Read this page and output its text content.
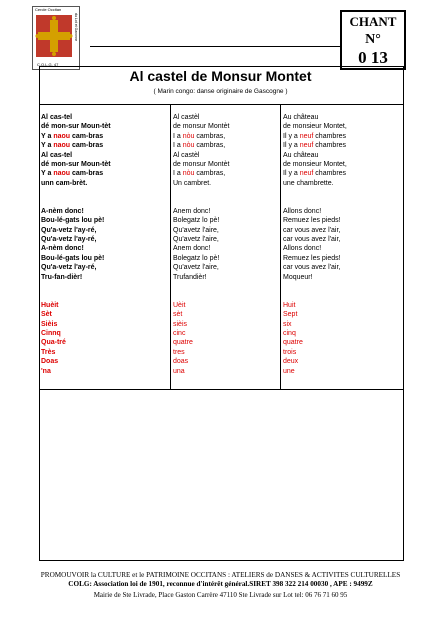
Cercle Occitan
du Lot et Garonne
C.O.L.G. 47
CHANT
N°
0 13
Al castel de Monsur Montet
( Marin congo: danse originaire de Gascogne )
Al cas-tel
dé mon-sur Moun-tèt
Y a naou cam-bras
Y a naou cam-bras
Al cas-tel
dé mon-sur Moun-tèt
Y a naou cam-bras
unn cam-brèt.
A-nèm donc!
Bou-lé-gats lou pè!
Qu'a-vetz l'ay-ré,
Qu'a-vetz l'ay-ré,
A-nèm donc!
Bou-lé-gats lou pè!
Qu'a-vetz l'ay-ré,
Tru-fan-dièr!
Huèit
Sèt
Sièis
Cinnq
Qua-tré
Très
Doas
'na
Al castèl
de monsur Montèt
I a nòu cambras,
I a nòu cambras,
Al castèl
de monsur Montèt
I a nòu cambras,
Un cambret.
Anem donc!
Bolegatz lo pè!
Qu'avetz l'aire,
Qu'avetz l'aire,
Anem donc!
Bolegatz lo pè!
Qu'avetz l'aire,
Trufandièr!
Uèit
sèt
sièis
cinc
quatre
tres
doas
una
Au château
de monsieur Montet,
Il y a neuf chambres
Il y a neuf chambres
Au château
de monsieur Montet,
Il y a neuf chambres
une chambrette.
Allons donc!
Remuez les pieds!
car vous avez l'air,
car vous avez l'air,
Allons donc!
Remuez les pieds!
car vous avez l'air,
Moqueur!
Huit
Sept
six
cinq
quatre
trois
deux
une
PROMOUVOIR la CULTURE et le PATRIMOINE OCCITANS : ATELIERS de DANSES & ACTIVITES CULTURELLES
COLG: Association loi de 1901, reconnue d'intérêt général.SIRET 398 322 214 00030 , APE : 9499Z
Mairie de Ste Livrade, Place Gaston Carrère 47110 Ste Livrade sur Lot tel: 06 76 71 60 95
